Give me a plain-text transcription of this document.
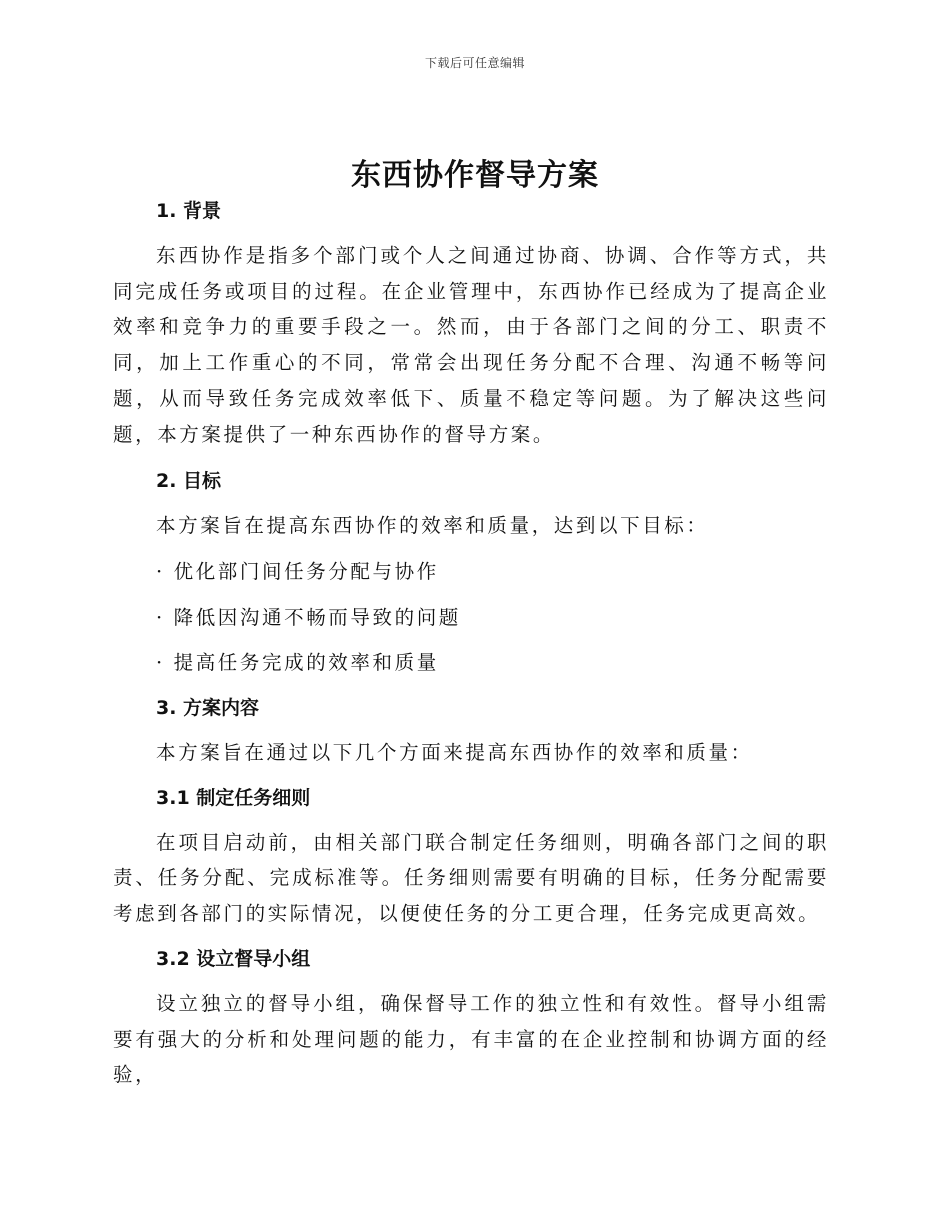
下载后可任意编辑
东西协作督导方案
1. 背景

东西协作是指多个部门或个人之间通过协商、协调、合作等方式，共同完成任务或项目的过程。在企业管理中，东西协作已经成为了提高企业效率和竞争力的重要手段之一。然而，由于各部门之间的分工、职责不同，加上工作重心的不同，常常会出现任务分配不合理、沟通不畅等问题，从而导致任务完成效率低下、质量不稳定等问题。为了解决这些问题，本方案提供了一种东西协作的督导方案。

2. 目标
本方案旨在提高东西协作的效率和质量，达到以下目标：
· 优化部门间任务分配与协作
· 降低因沟通不畅而导致的问题
· 提高任务完成的效率和质量
3. 方案内容
本方案旨在通过以下几个方面来提高东西协作的效率和质量：
3.1 制定任务细则

在项目启动前，由相关部门联合制定任务细则，明确各部门之间的职责、任务分配、完成标准等。任务细则需要有明确的目标，任务分配需要考虑到各部门的实际情况，以便使任务的分工更合理，任务完成更高效。

3.2 设立督导小组

设立独立的督导小组，确保督导工作的独立性和有效性。督导小组需要有强大的分析和处理问题的能力，有丰富的在企业控制和协调方面的经验，
